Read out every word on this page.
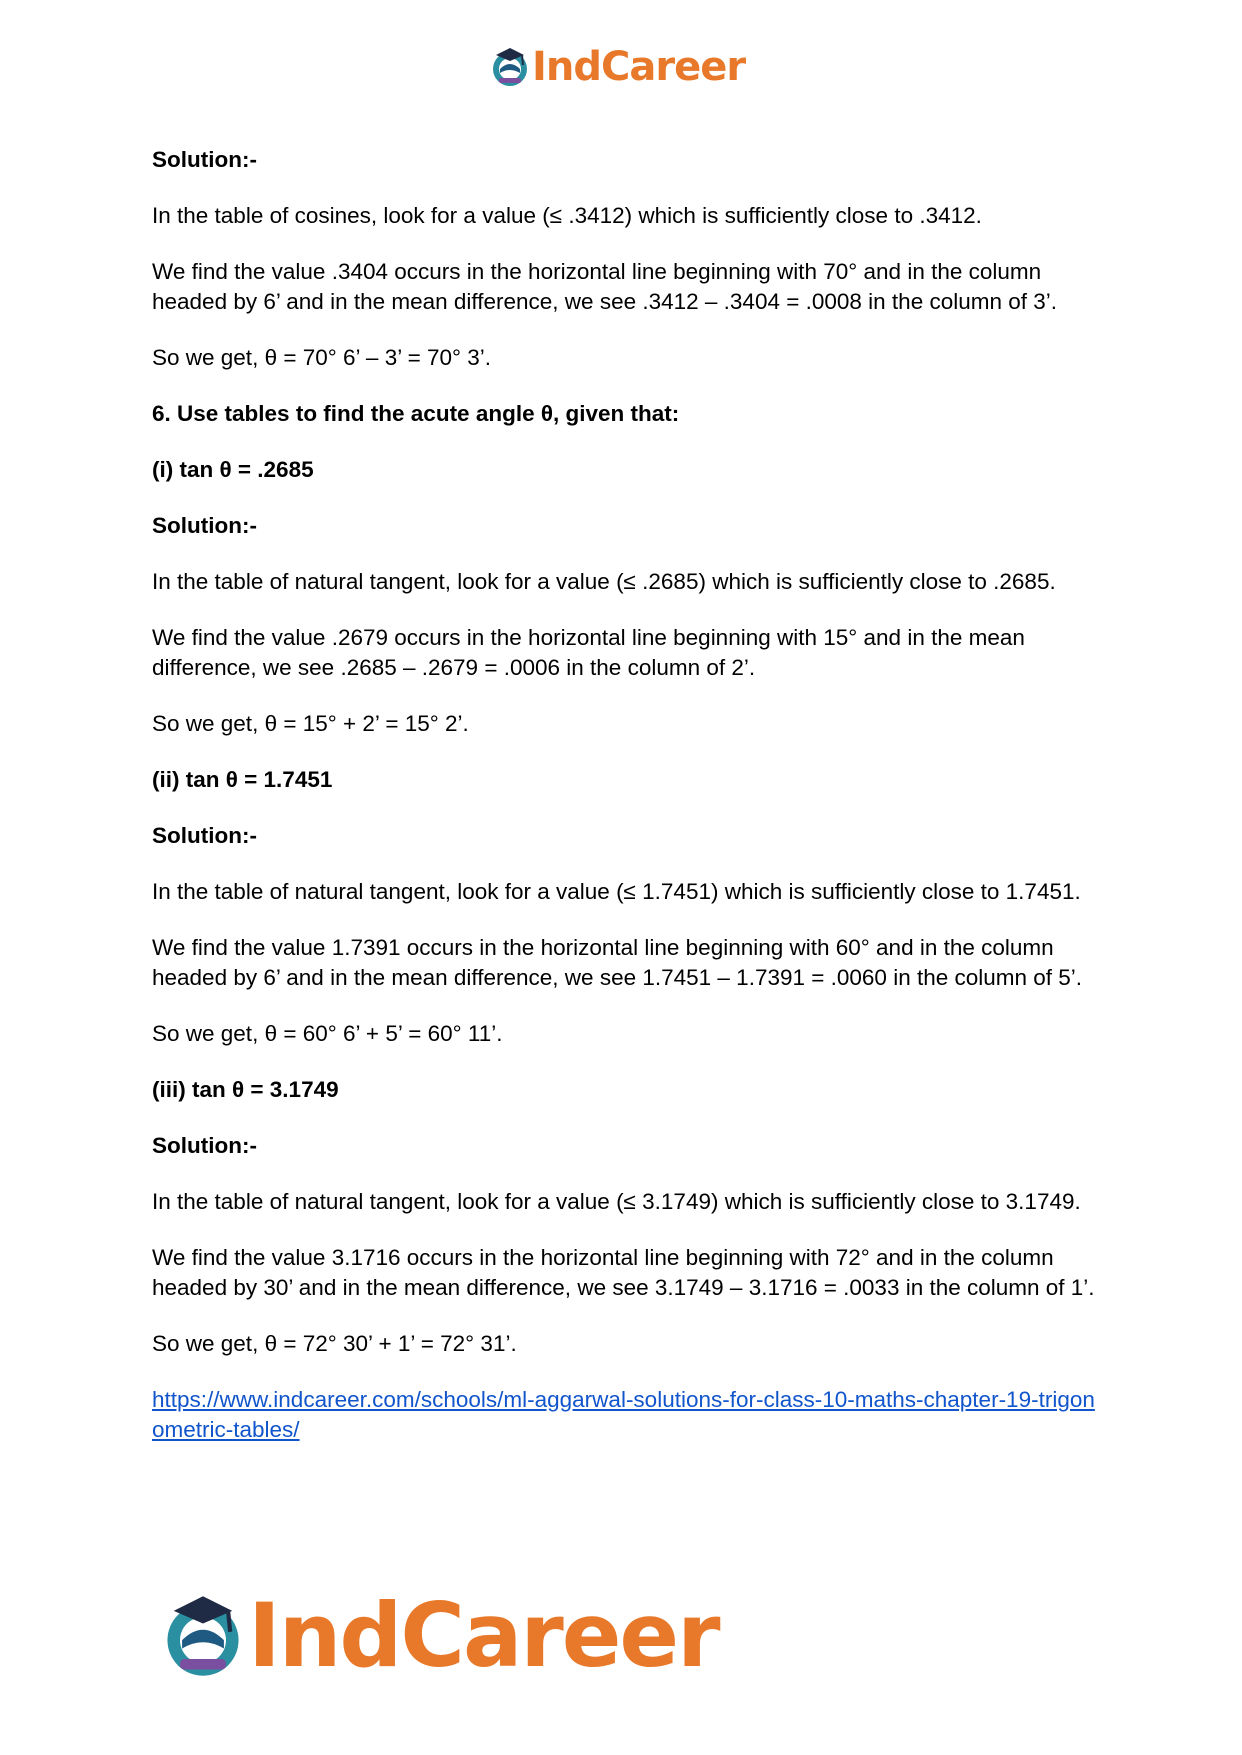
IndCareer

Solution:-

In the table of cosines, look for a value (≤ .3412) which is sufficiently close to .3412.

We find the value .3404 occurs in the horizontal line beginning with 70° and in the column headed by 6’ and in the mean difference, we see .3412 – .3404 = .0008 in the column of 3’.

So we get, θ = 70° 6’ – 3’ = 70° 3’.

6. Use tables to find the acute angle θ, given that:

(i) tan θ = .2685

Solution:-

In the table of natural tangent, look for a value (≤ .2685) which is sufficiently close to .2685.

We find the value .2679 occurs in the horizontal line beginning with 15° and in the mean difference, we see .2685 – .2679 = .0006 in the column of 2’.

So we get, θ = 15° + 2’ = 15° 2’.

(ii) tan θ = 1.7451

Solution:-

In the table of natural tangent, look for a value (≤ 1.7451) which is sufficiently close to 1.7451.

We find the value 1.7391 occurs in the horizontal line beginning with 60° and in the column headed by 6’ and in the mean difference, we see 1.7451 – 1.7391 = .0060 in the column of 5’.

So we get, θ = 60° 6’ + 5’ = 60° 11’.

(iii) tan θ = 3.1749

Solution:-

In the table of natural tangent, look for a value (≤ 3.1749) which is sufficiently close to 3.1749.

We find the value 3.1716 occurs in the horizontal line beginning with 72° and in the column headed by 30’ and in the mean difference, we see 3.1749 – 3.1716 = .0033 in the column of 1’.

So we get, θ = 72° 30’ + 1’ = 72° 31’.

https://www.indcareer.com/schools/ml-aggarwal-solutions-for-class-10-maths-chapter-19-trigonometric-tables/
IndCareer
